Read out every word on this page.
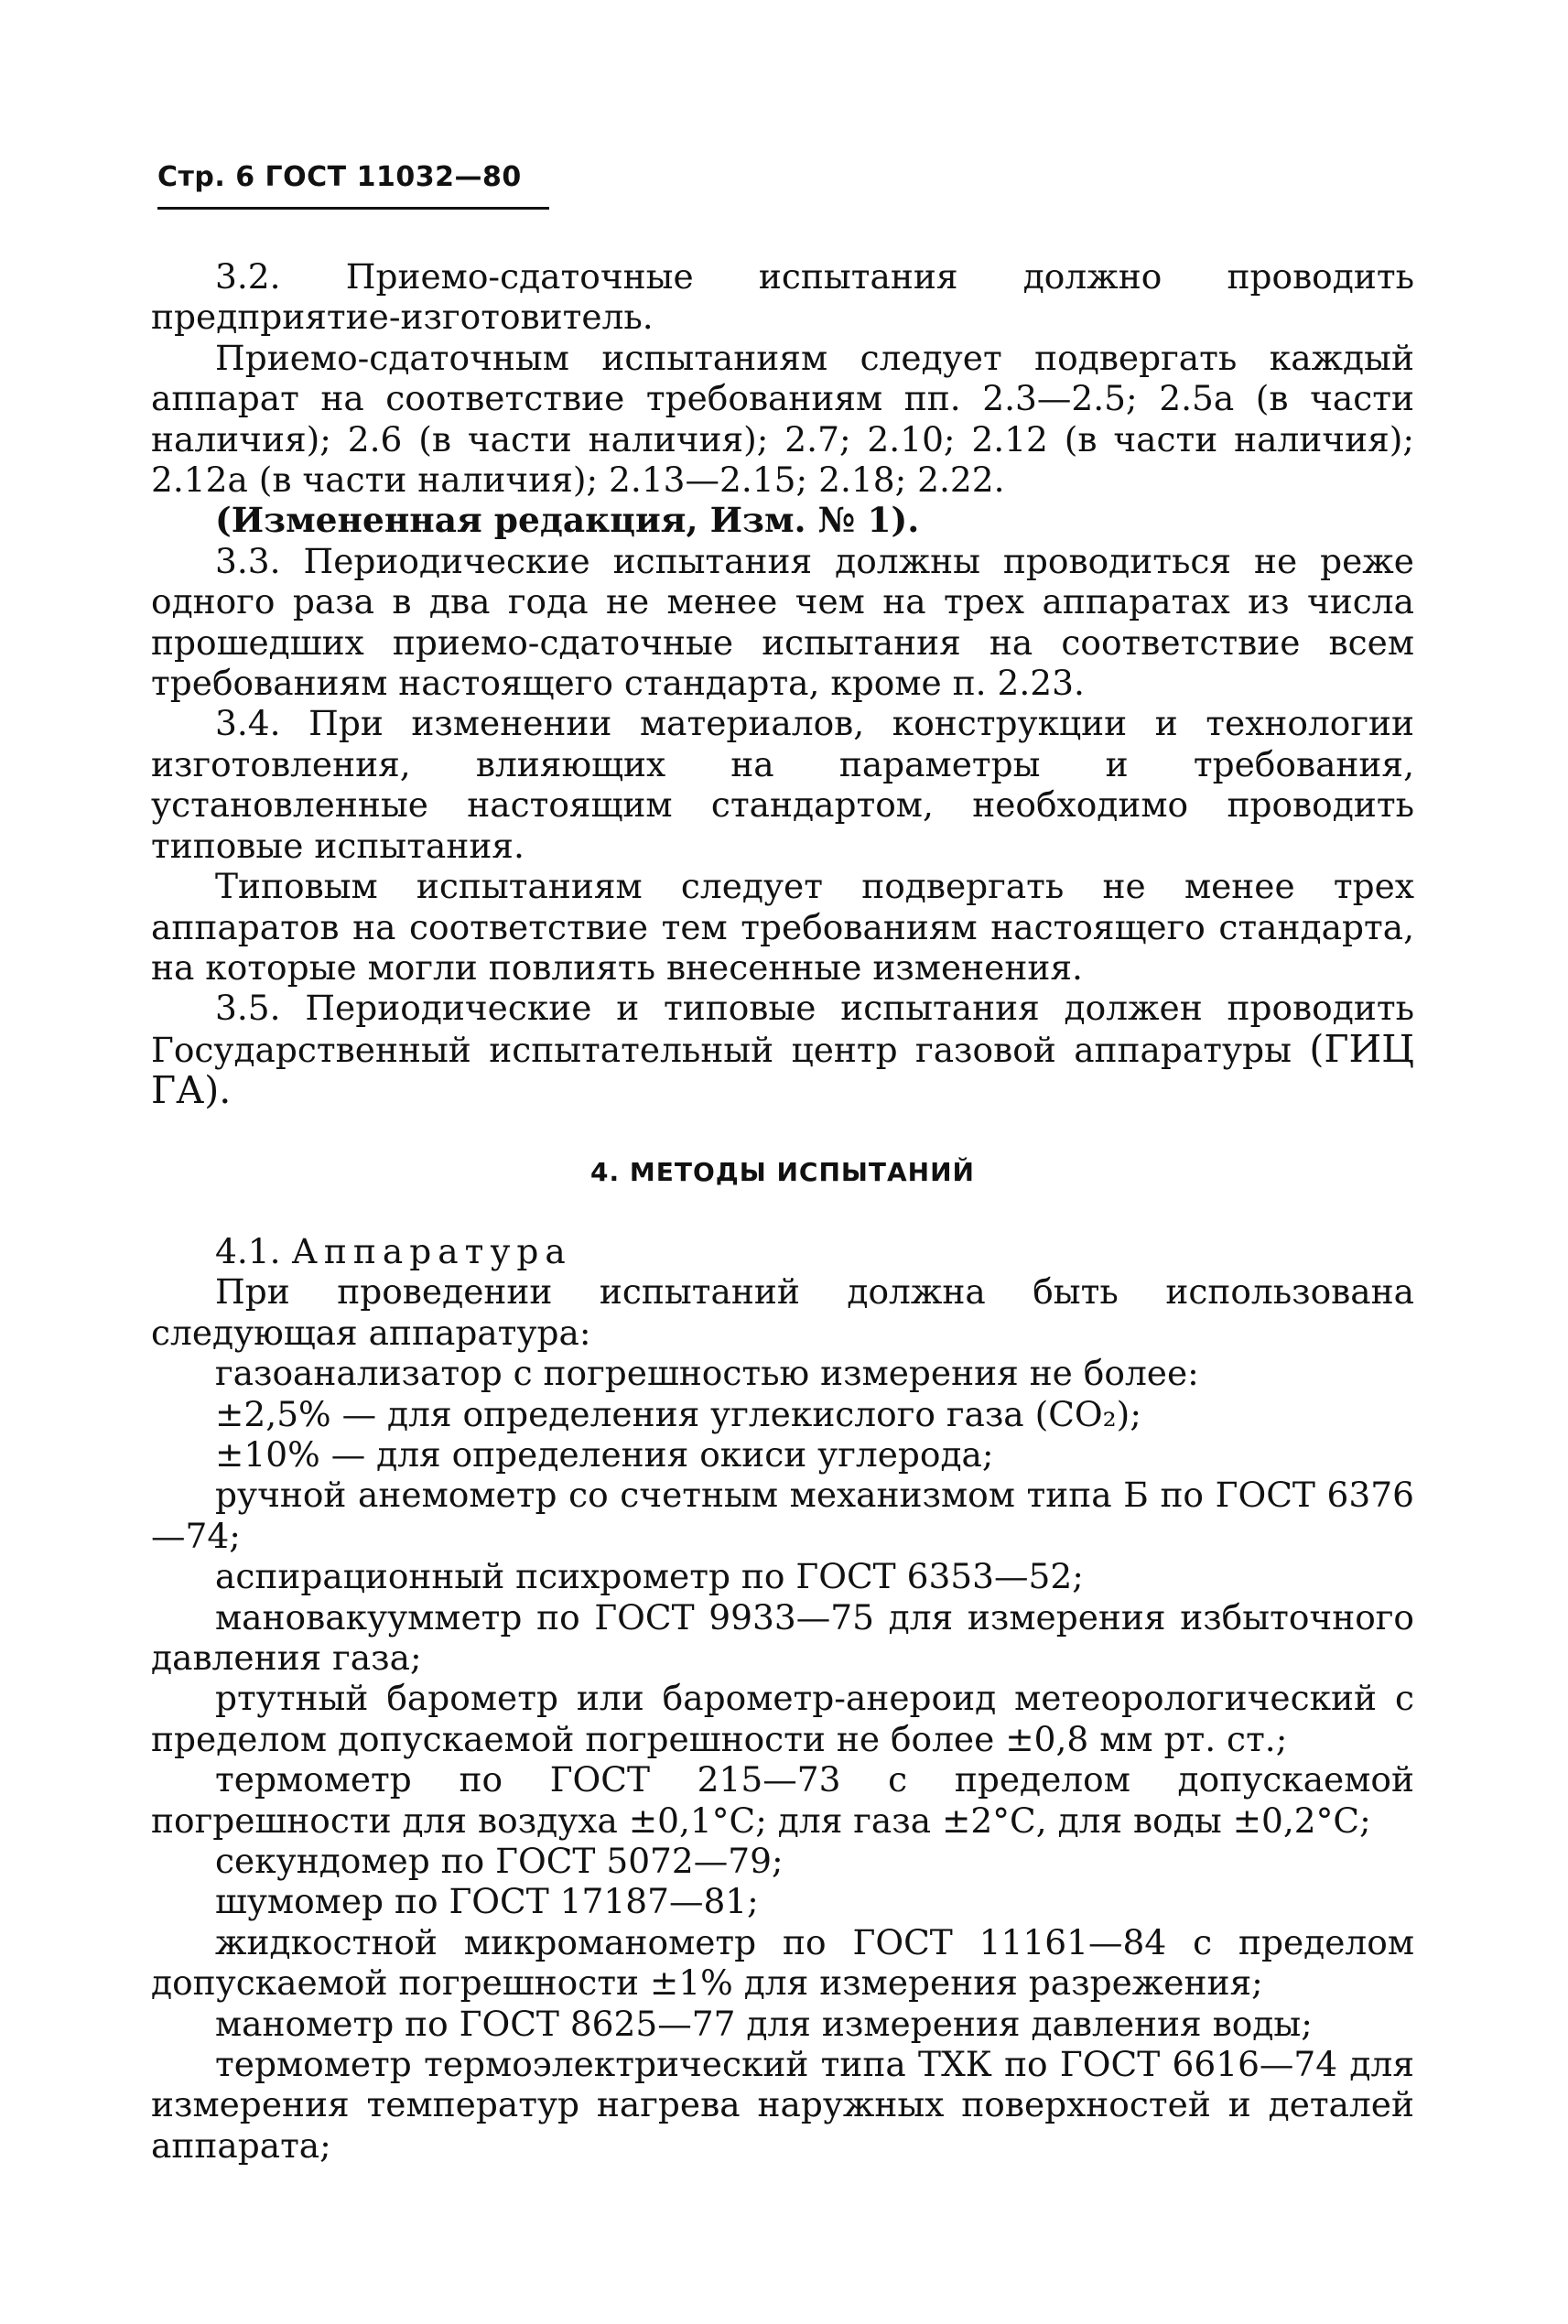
Стр. 6 ГОСТ 11032—80

3.2. Приемо-сдаточные испытания должно проводить предприятие-изготовитель.

Приемо-сдаточным испытаниям следует подвергать каждый аппарат на соответствие требованиям пп. 2.3—2.5; 2.5а (в части наличия); 2.6 (в части наличия); 2.7; 2.10; 2.12 (в части наличия); 2.12а (в части наличия); 2.13—2.15; 2.18; 2.22.

(Измененная редакция, Изм. № 1).

3.3. Периодические испытания должны проводиться не реже одного раза в два года не менее чем на трех аппаратах из числа прошедших приемо-сдаточные испытания на соответствие всем требованиям настоящего стандарта, кроме п. 2.23.

3.4. При изменении материалов, конструкции и технологии изготовления, влияющих на параметры и требования, установленные настоящим стандартом, необходимо проводить типовые испытания.

Типовым испытаниям следует подвергать не менее трех аппаратов на соответствие тем требованиям настоящего стандарта, на которые могли повлиять внесенные изменения.

3.5. Периодические и типовые испытания должен проводить Государственный испытательный центр газовой аппаратуры (ГИЦ ГА).

4. МЕТОДЫ ИСПЫТАНИЙ

4.1. Аппаратура

При проведении испытаний должна быть использована следующая аппаратура:

газоанализатор с погрешностью измерения не более:

±2,5% — для определения углекислого газа (CO₂);

±10% — для определения окиси углерода;

ручной анемометр со счетным механизмом типа Б по ГОСТ 6376—74;

аспирационный психрометр по ГОСТ 6353—52;

мановакуумметр по ГОСТ 9933—75 для измерения избыточного давления газа;

ртутный барометр или барометр-анероид метеорологический с пределом допускаемой погрешности не более ±0,8 мм рт. ст.;

термометр по ГОСТ 215—73 с пределом допускаемой погрешности для воздуха ±0,1°С; для газа ±2°С, для воды ±0,2°С;

секундомер по ГОСТ 5072—79;

шумомер по ГОСТ 17187—81;

жидкостной микроманометр по ГОСТ 11161—84 с пределом допускаемой погрешности ±1% для измерения разрежения;

манометр по ГОСТ 8625—77 для измерения давления воды;

термометр термоэлектрический типа ТХК по ГОСТ 6616—74 для измерения температур нагрева наружных поверхностей и деталей аппарата;
